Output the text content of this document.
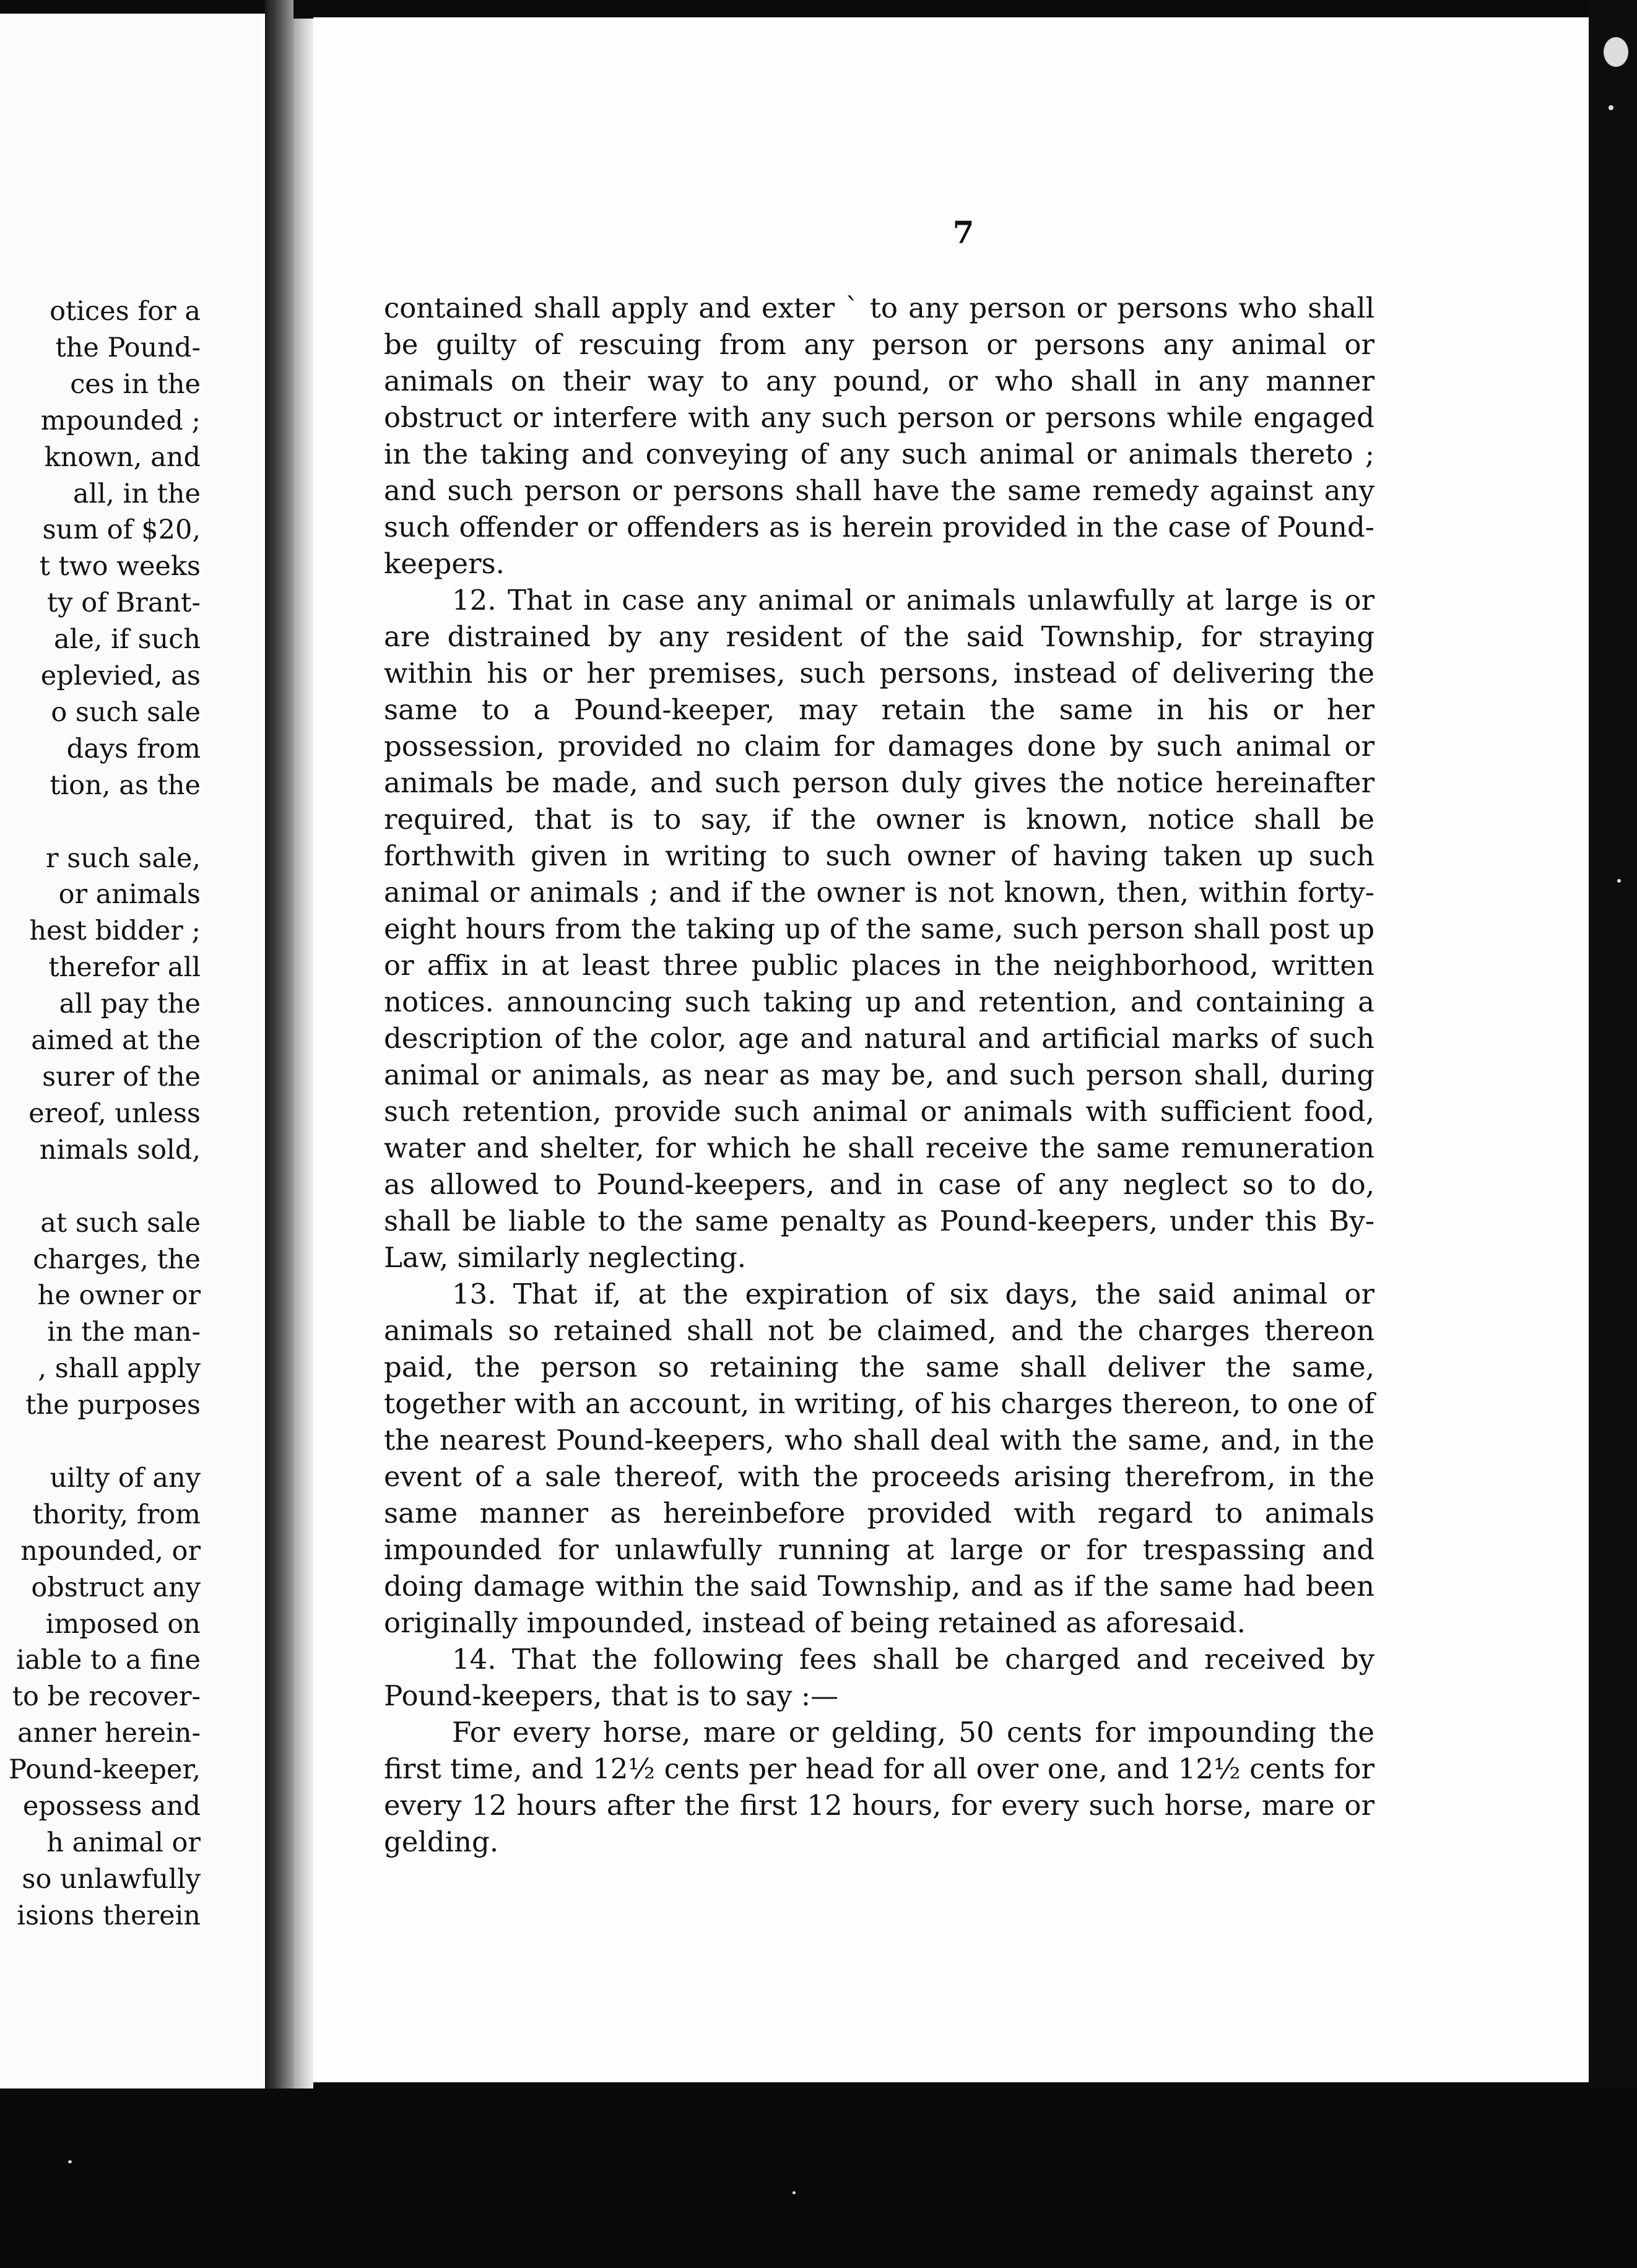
otices for a
the Pound-
ces in the
mpounded ;
known, and
all, in the
sum of $20,
t two weeks
ty of Brant-
ale, if such
eplevied, as
o such sale
days from
tion, as the
r such sale,
or animals
hest bidder ;
therefor all
all pay the
aimed at the
surer of the
ereof, unless
nimals sold,
at such sale
charges, the
he owner or
in the man-
, shall apply
the purposes
uilty of any
thority, from
npounded, or
obstruct any
imposed on
iable to a fine
to be recover-
anner herein-
Pound-keeper,
epossess and
h animal or
so unlawfully
isions therein
7

contained shall apply and exter ` to any person or persons who shall be guilty of rescuing from any person or persons any animal or animals on their way to any pound, or who shall in any manner obstruct or interfere with any such person or persons while engaged in the taking and conveying of any such animal or animals thereto ; and such person or persons shall have the same remedy against any such offender or offenders as is herein provided in the case of Pound-keepers.

12. That in case any animal or animals unlawfully at large is or are distrained by any resident of the said Township, for straying within his or her premises, such persons, instead of delivering the same to a Pound-keeper, may retain the same in his or her possession, provided no claim for damages done by such animal or animals be made, and such person duly gives the notice hereinafter required, that is to say, if the owner is known, notice shall be forthwith given in writing to such owner of having taken up such animal or animals ; and if the owner is not known, then, within forty-eight hours from the taking up of the same, such person shall post up or affix in at least three public places in the neighborhood, written notices. announcing such taking up and retention, and containing a description of the color, age and natural and artificial marks of such animal or animals, as near as may be, and such person shall, during such retention, provide such animal or animals with sufficient food, water and shelter, for which he shall receive the same remuneration as allowed to Pound-keepers, and in case of any neglect so to do, shall be liable to the same penalty as Pound-keepers, under this By-Law, similarly neglecting.

13. That if, at the expiration of six days, the said animal or animals so retained shall not be claimed, and the charges thereon paid, the person so retaining the same shall deliver the same, together with an account, in writing, of his charges thereon, to one of the nearest Pound-keepers, who shall deal with the same, and, in the event of a sale thereof, with the proceeds arising therefrom, in the same manner as hereinbefore provided with regard to animals impounded for unlawfully running at large or for trespassing and doing damage within the said Township, and as if the same had been originally impounded, instead of being retained as aforesaid.

14. That the following fees shall be charged and received by Pound-keepers, that is to say :—

For every horse, mare or gelding, 50 cents for impounding the first time, and 12½ cents per head for all over one, and 12½ cents for every 12 hours after the first 12 hours, for every such horse, mare or gelding.
